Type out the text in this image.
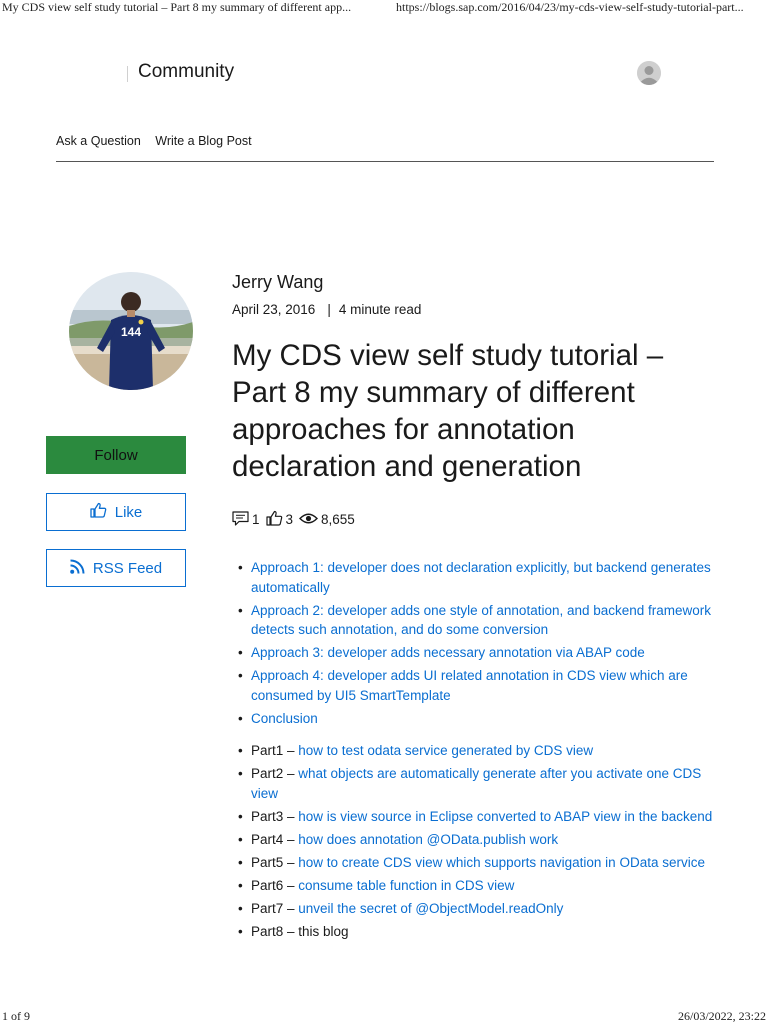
My CDS view self study tutorial – Part 8 my summary of different app...	https://blogs.sap.com/2016/04/23/my-cds-view-self-study-tutorial-part...
Community
Ask a Question Write a Blog Post
144
Follow
Like
RSS Feed
Jerry Wang
April 23, 2016 | 4 minute read
My CDS view self study tutorial – Part 8 my summary of different approaches for annotation declaration and generation
1 3 8,655
• Approach 1: developer does not declaration explicitly, but backend generates automatically
• Approach 2: developer adds one style of annotation, and backend framework detects such annotation, and do some conversion
• Approach 3: developer adds necessary annotation via ABAP code
• Approach 4: developer adds UI related annotation in CDS view which are consumed by UI5 SmartTemplate
• Conclusion
• Part1 – how to test odata service generated by CDS view
• Part2 – what objects are automatically generate after you activate one CDS view
• Part3 – how is view source in Eclipse converted to ABAP view in the backend
• Part4 – how does annotation @OData.publish work
• Part5 – how to create CDS view which supports navigation in OData service
• Part6 – consume table function in CDS view
• Part7 – unveil the secret of @ObjectModel.readOnly
• Part8 – this blog
1 of 9	26/03/2022, 23:22
